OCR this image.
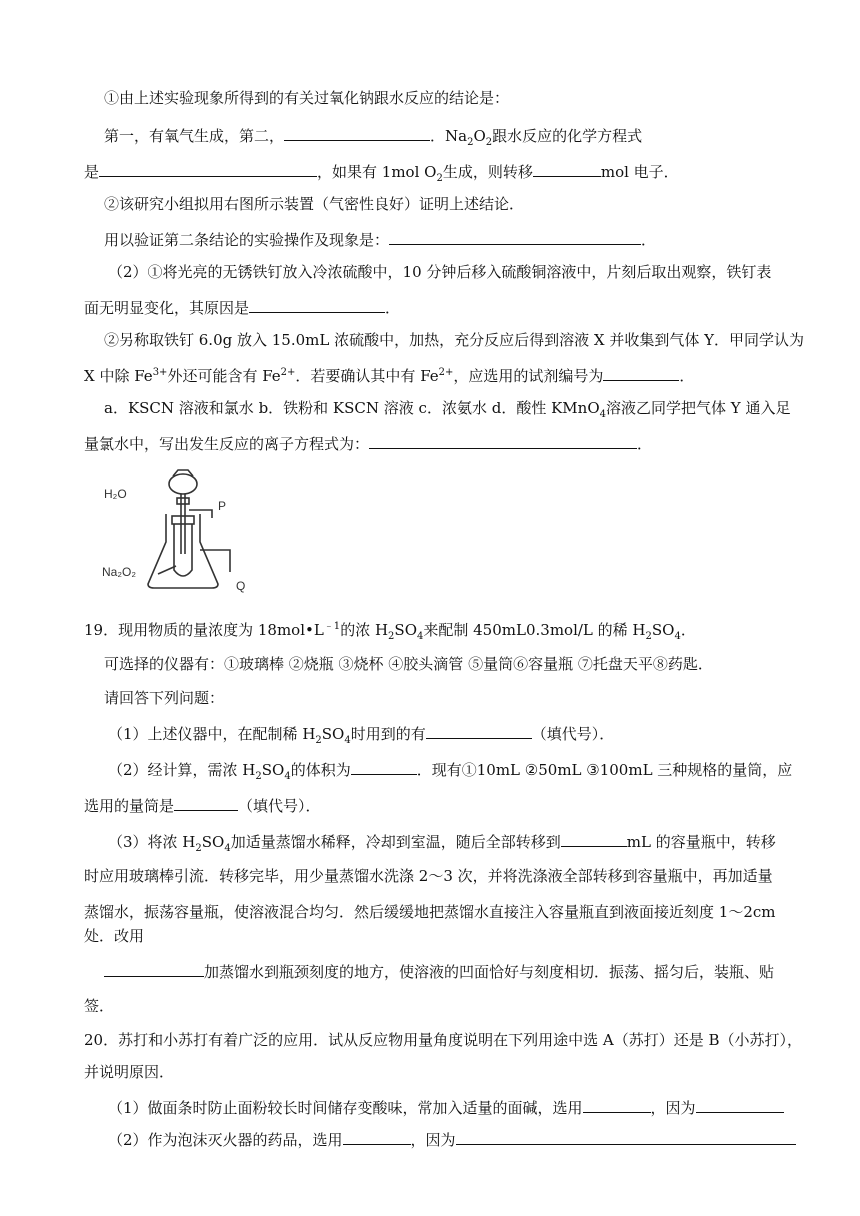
①由上述实验现象所得到的有关过氧化钠跟水反应的结论是：
第一，有氧气生成，第二，	．$Na_2O_2$跟水反应的化学方程式
是	，如果有 1mol $O_2$生成，则转移	mol 电子．
②该研究小组拟用右图所示装置（气密性良好）证明上述结论．
用以验证第二条结论的实验操作及现象是：	．
（2）①将光亮的无锈铁钉放入冷浓硫酸中，10 分钟后移入硫酸铜溶液中，片刻后取出观察，铁钉表
面无明显变化，其原因是	．
②另称取铁钉 6.0g 放入 15.0mL 浓硫酸中，加热，充分反应后得到溶液 X 并收集到气体 Y．甲同学认为
X 中除 $Fe^{3+}$外还可能含有 $Fe^{2+}$．若要确认其中有 $Fe^{2+}$，应选用的试剂编号为	．
a．KSCN 溶液和氯水 b．铁粉和 KSCN 溶液 c．浓氨水 d．酸性 KMnO$_4$溶液乙同学把气体 Y 通入足
量氯水中，写出发生反应的离子方程式为：	．
H₂O
P
Na₂O₂
Q
19．现用物质的量浓度为 $18mol•L^{﹣1}$的浓 $H_2SO_4$来配制 450mL0.3mol/L 的稀 $H_2SO_4$．
可选择的仪器有：①玻璃棒 ②烧瓶 ③烧杯 ④胶头滴管 ⑤量筒⑥容量瓶 ⑦托盘天平⑧药匙．
请回答下列问题：
（1）上述仪器中，在配制稀 $H_2SO_4$时用到的有	（填代号）．
（2）经计算，需浓 $H_2SO_4$的体积为	．现有①10mL ②50mL ③100mL 三种规格的量筒，应
选用的量筒是	（填代号）．
（3）将浓 $H_2SO_4$加适量蒸馏水稀释，冷却到室温，随后全部转移到	mL 的容量瓶中，转移
时应用玻璃棒引流．转移完毕，用少量蒸馏水洗涤 2～3 次，并将洗涤液全部转移到容量瓶中，再加适量
蒸馏水，振荡容量瓶，使溶液混合均匀．然后缓缓地把蒸馏水直接注入容量瓶直到液面接近刻度 1～2cm
处．改用
加蒸馏水到瓶颈刻度的地方，使溶液的凹面恰好与刻度相切．振荡、摇匀后，装瓶、贴
签．
20．苏打和小苏打有着广泛的应用．试从反应物用量角度说明在下列用途中选 A（苏打）还是 B（小苏打），
并说明原因．
（1）做面条时防止面粉较长时间储存变酸味，常加入适量的面碱，选用	，因为
（2）作为泡沫灭火器的药品，选用	，因为
